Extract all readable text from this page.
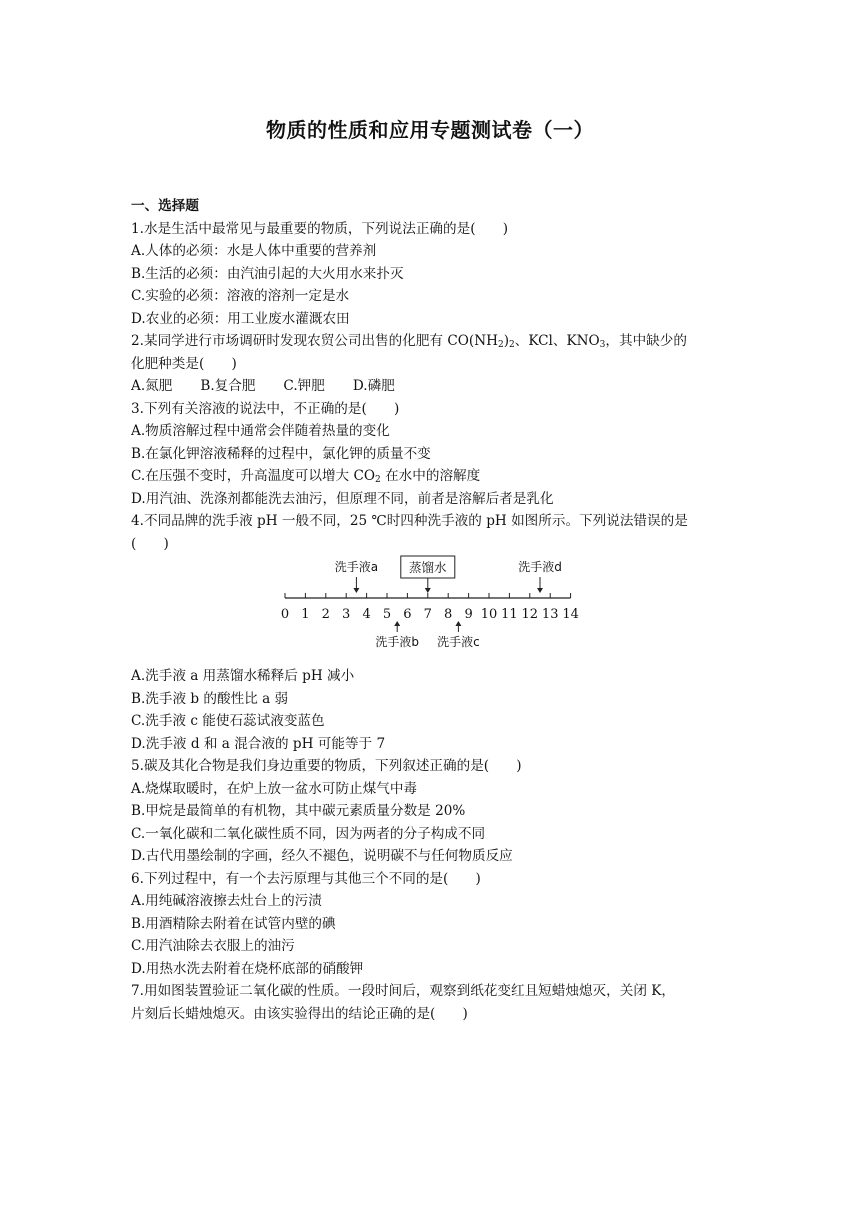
物质的性质和应用专题测试卷（一）
一、选择题
1.水是生活中最常见与最重要的物质，下列说法正确的是(　　)
A.人体的必须：水是人体中重要的营养剂
B.生活的必须：由汽油引起的大火用水来扑灭
C.实验的必须：溶液的溶剂一定是水
D.农业的必须：用工业废水灌溉农田
2.某同学进行市场调研时发现农贸公司出售的化肥有 $CO(NH_2)_2$、KCl、$KNO_3$，其中缺少的
化肥种类是(　　)
A.氮肥 B.复合肥 C.钾肥 D.磷肥
3.下列有关溶液的说法中，不正确的是(　　)
A.物质溶解过程中通常会伴随着热量的变化
B.在氯化钾溶液稀释的过程中，氯化钾的质量不变
C.在压强不变时，升高温度可以增大 $CO_2$ 在水中的溶解度
D.用汽油、洗涤剂都能洗去油污，但原理不同，前者是溶解后者是乳化
4.不同品牌的洗手液 pH 一般不同，25 ℃时四种洗手液的 pH 如图所示。下列说法错误的是
(　　)
0 1 2 3 4 5 6 7 8 9 10 11 12 13 14
蒸馏水
洗手液a	洗手液d
洗手液b 洗手液c
A.洗手液 a 用蒸馏水稀释后 pH 减小
B.洗手液 b 的酸性比 a 弱
C.洗手液 c 能使石蕊试液变蓝色
D.洗手液 d 和 a 混合液的 pH 可能等于 7
5.碳及其化合物是我们身边重要的物质，下列叙述正确的是(　　)
A.烧煤取暖时，在炉上放一盆水可防止煤气中毒
B.甲烷是最简单的有机物，其中碳元素质量分数是 20%
C.一氧化碳和二氧化碳性质不同，因为两者的分子构成不同
D.古代用墨绘制的字画，经久不褪色，说明碳不与任何物质反应
6.下列过程中，有一个去污原理与其他三个不同的是(　　)
A.用纯碱溶液擦去灶台上的污渍
B.用酒精除去附着在试管内壁的碘
C.用汽油除去衣服上的油污
D.用热水洗去附着在烧杯底部的硝酸钾
7.用如图装置验证二氧化碳的性质。一段时间后，观察到纸花变红且短蜡烛熄灭，关闭 K，
片刻后长蜡烛熄灭。由该实验得出的结论正确的是(　　)
